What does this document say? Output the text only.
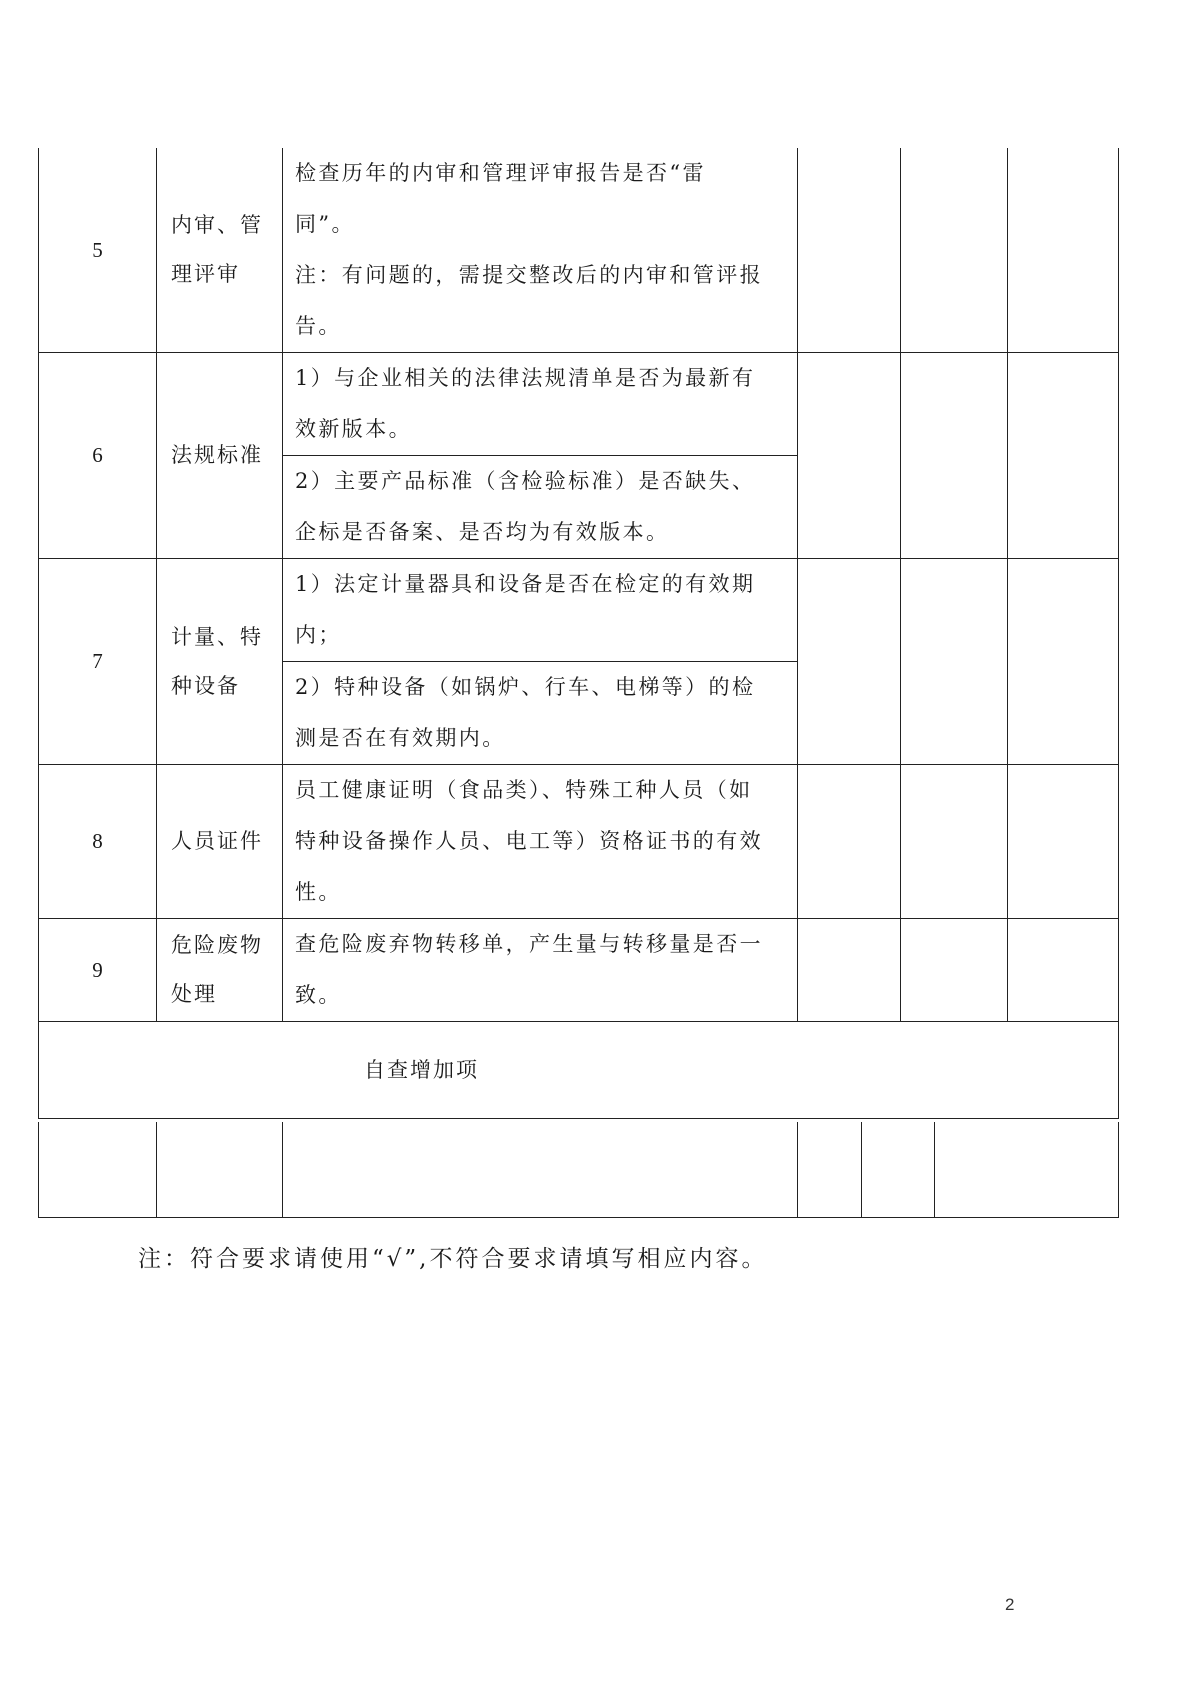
5	内审、管
理评审	检查历年的内审和管理评审报告是否“雷
同”。
注：有问题的，需提交整改后的内审和管评报
告。			

6	法规标准	1）与企业相关的法律法规清单是否为最新有
效新版本。			

		2）主要产品标准（含检验标准）是否缺失、
企标是否备案、是否均为有效版本。			

7	计量、特
种设备	1）法定计量器具和设备是否在检定的有效期
内；			

		2）特种设备（如锅炉、行车、电梯等）的检
测是否在有效期内。			

8	人员证件	员工健康证明（食品类）、特殊工种人员（如
特种设备操作人员、电工等）资格证书的有效
性。			

9	危险废物
处理	查危险废弃物转移单，产生量与转移量是否一
致。			

自查增加项					

注：符合要求请使用“√”,不符合要求请填写相应内容。
2
